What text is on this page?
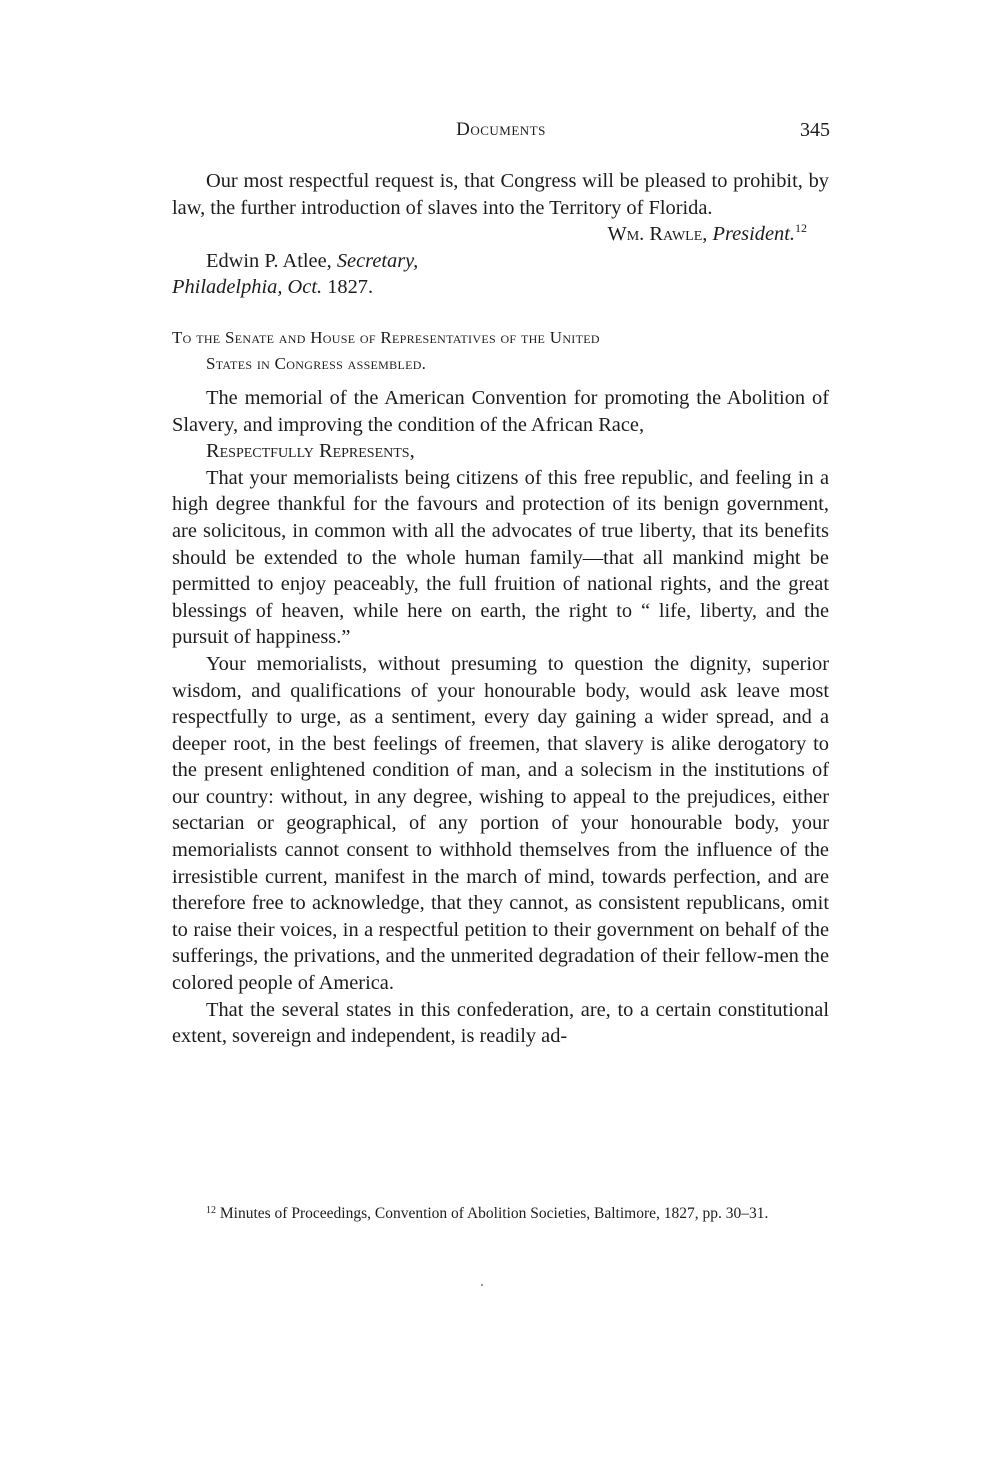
Documents	345

Our most respectful request is, that Congress will be pleased to prohibit, by law, the further introduction of slaves into the Territory of Florida.

Wm. Rawle, President.$^{12}$

Edwin P. Atlee, Secretary,

Philadelphia, Oct. 1827.

To the Senate and House of Representatives of the United
States in Congress assembled.

The memorial of the American Convention for promoting the Abolition of Slavery, and improving the condition of the African Race,

Respectfully Represents,

That your memorialists being citizens of this free republic, and feeling in a high degree thankful for the favours and protection of its benign government, are solicitous, in common with all the advocates of true liberty, that its benefits should be extended to the whole human family—that all mankind might be permitted to enjoy peaceably, the full fruition of national rights, and the great blessings of heaven, while here on earth, the right to “ life, liberty, and the pursuit of happiness.”

Your memorialists, without presuming to question the dignity, superior wisdom, and qualifications of your honourable body, would ask leave most respectfully to urge, as a sentiment, every day gaining a wider spread, and a deeper root, in the best feelings of freemen, that slavery is alike derogatory to the present enlightened condition of man, and a solecism in the institutions of our country: without, in any degree, wishing to appeal to the prejudices, either sectarian or geographical, of any portion of your honourable body, your memorialists cannot consent to withhold themselves from the influence of the irresistible current, manifest in the march of mind, towards perfection, and are therefore free to acknowledge, that they cannot, as consistent republicans, omit to raise their voices, in a respectful petition to their government on behalf of the sufferings, the privations, and the unmerited degradation of their fellow-men the colored people of America.

That the several states in this confederation, are, to a certain constitutional extent, sovereign and independent, is readily ad-

$^{12}$ Minutes of Proceedings, Convention of Abolition Societies, Baltimore, 1827, pp. 30–31.
